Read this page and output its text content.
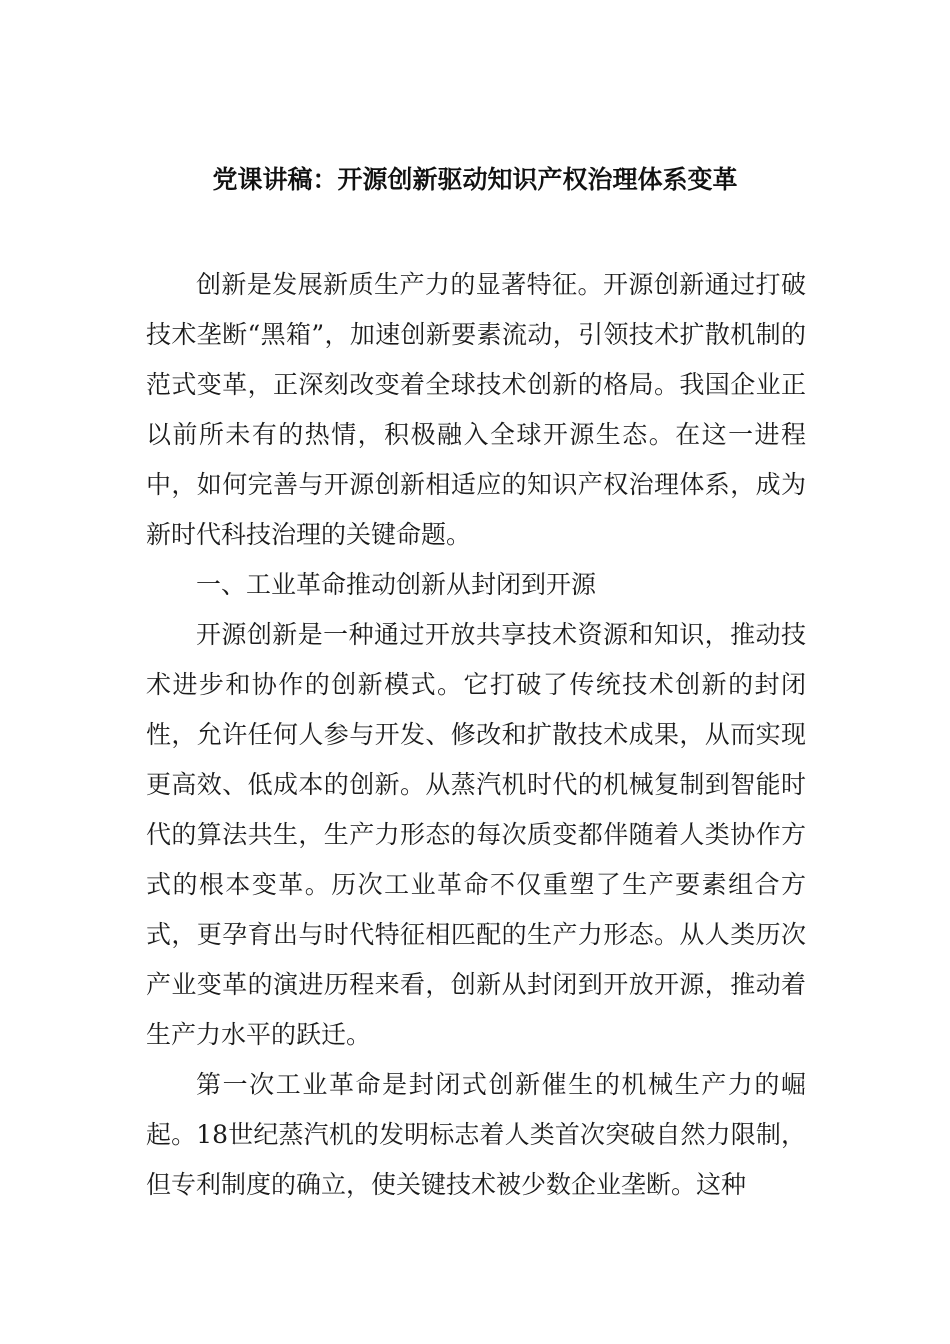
党课讲稿：开源创新驱动知识产权治理体系变革

创新是发展新质生产力的显著特征。开源创新通过打破技术垄断“黑箱”，加速创新要素流动，引领技术扩散机制的范式变革，正深刻改变着全球技术创新的格局。我国企业正以前所未有的热情，积极融入全球开源生态。在这一进程中，如何完善与开源创新相适应的知识产权治理体系，成为新时代科技治理的关键命题。

一、工业革命推动创新从封闭到开源

开源创新是一种通过开放共享技术资源和知识，推动技术进步和协作的创新模式。它打破了传统技术创新的封闭性，允许任何人参与开发、修改和扩散技术成果，从而实现更高效、低成本的创新。从蒸汽机时代的机械复制到智能时代的算法共生，生产力形态的每次质变都伴随着人类协作方式的根本变革。历次工业革命不仅重塑了生产要素组合方式，更孕育出与时代特征相匹配的生产力形态。从人类历次产业变革的演进历程来看，创新从封闭到开放开源，推动着生产力水平的跃迁。

第一次工业革命是封闭式创新催生的机械生产力的崛起。18世纪蒸汽机的发明标志着人类首次突破自然力限制，但专利制度的确立，使关键技术被少数企业垄断。这种
